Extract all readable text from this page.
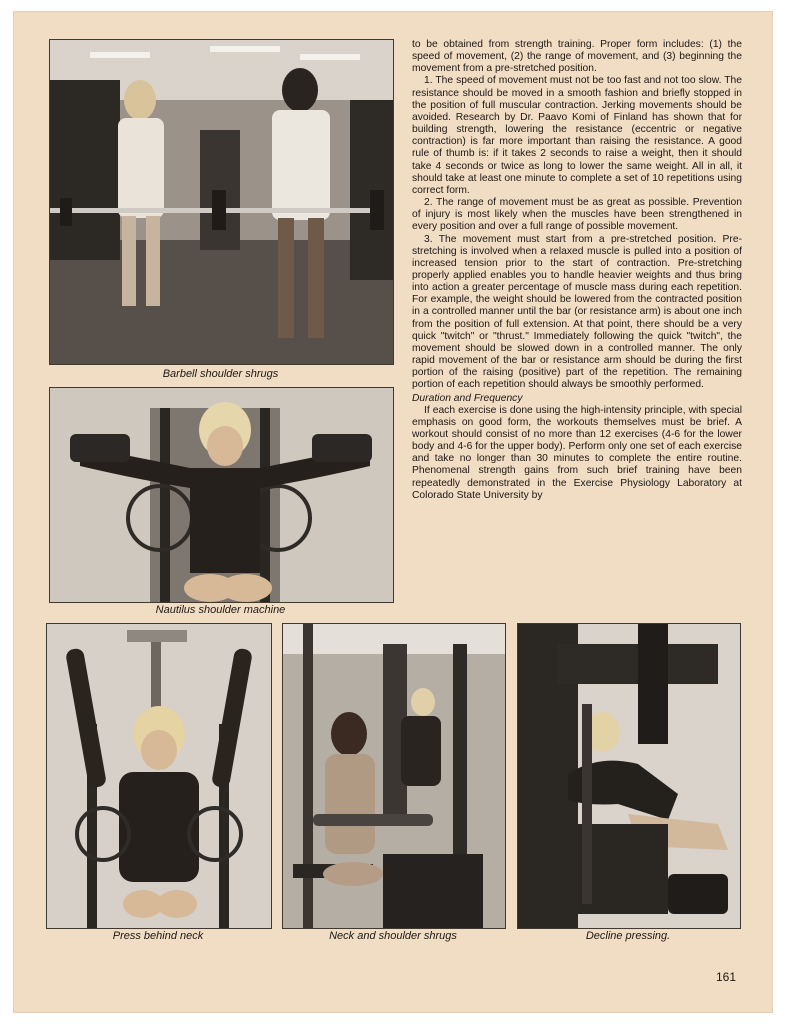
Barbell shoulder shrugs
Nautilus shoulder machine

to be obtained from strength training. Proper form includes: (1) the speed of movement, (2) the range of movement, and (3) beginning the movement from a pre-stretched position.

1. The speed of movement must not be too fast and not too slow. The resistance should be moved in a smooth fashion and briefly stopped in the position of full muscular contraction. Jerking movements should be avoided. Research by Dr. Paavo Komi of Finland has shown that for building strength, lowering the resistance (eccentric or negative contraction) is far more important than raising the resistance. A good rule of thumb is: if it takes 2 seconds to raise a weight, then it should take 4 seconds or twice as long to lower the same weight. All in all, it should take at least one minute to complete a set of 10 repetitions using correct form.

2. The range of movement must be as great as possible. Prevention of injury is most likely when the muscles have been strengthened in every position and over a full range of possible movement.

3. The movement must start from a pre-stretched position. Pre-stretching is involved when a relaxed muscle is pulled into a position of increased tension prior to the start of contraction. Pre-stretching properly applied enables you to handle heavier weights and thus bring into action a greater percentage of muscle mass during each repetition. For example, the weight should be lowered from the contracted position in a controlled manner until the bar (or resistance arm) is about one inch from the position of full extension. At that point, there should be a very quick "twitch" or "thrust." Immediately following the quick "twitch", the movement should be slowed down in a controlled manner. The only rapid movement of the bar or resistance arm should be during the first portion of the raising (positive) part of the repetition. The remaining portion of each repetition should always be smoothly performed.

Duration and Frequency

If each exercise is done using the high-intensity principle, with special emphasis on good form, the workouts themselves must be brief. A workout should consist of no more than 12 exercises (4-6 for the lower body and 4-6 for the upper body). Perform only one set of each exercise and take no longer than 30 minutes to complete the entire routine. Phenomenal strength gains from such brief training have been repeatedly demonstrated in the Exercise Physiology Laboratory at Colorado State University by

Press behind neck	Neck and shoulder shrugs	Decline pressing.
161
